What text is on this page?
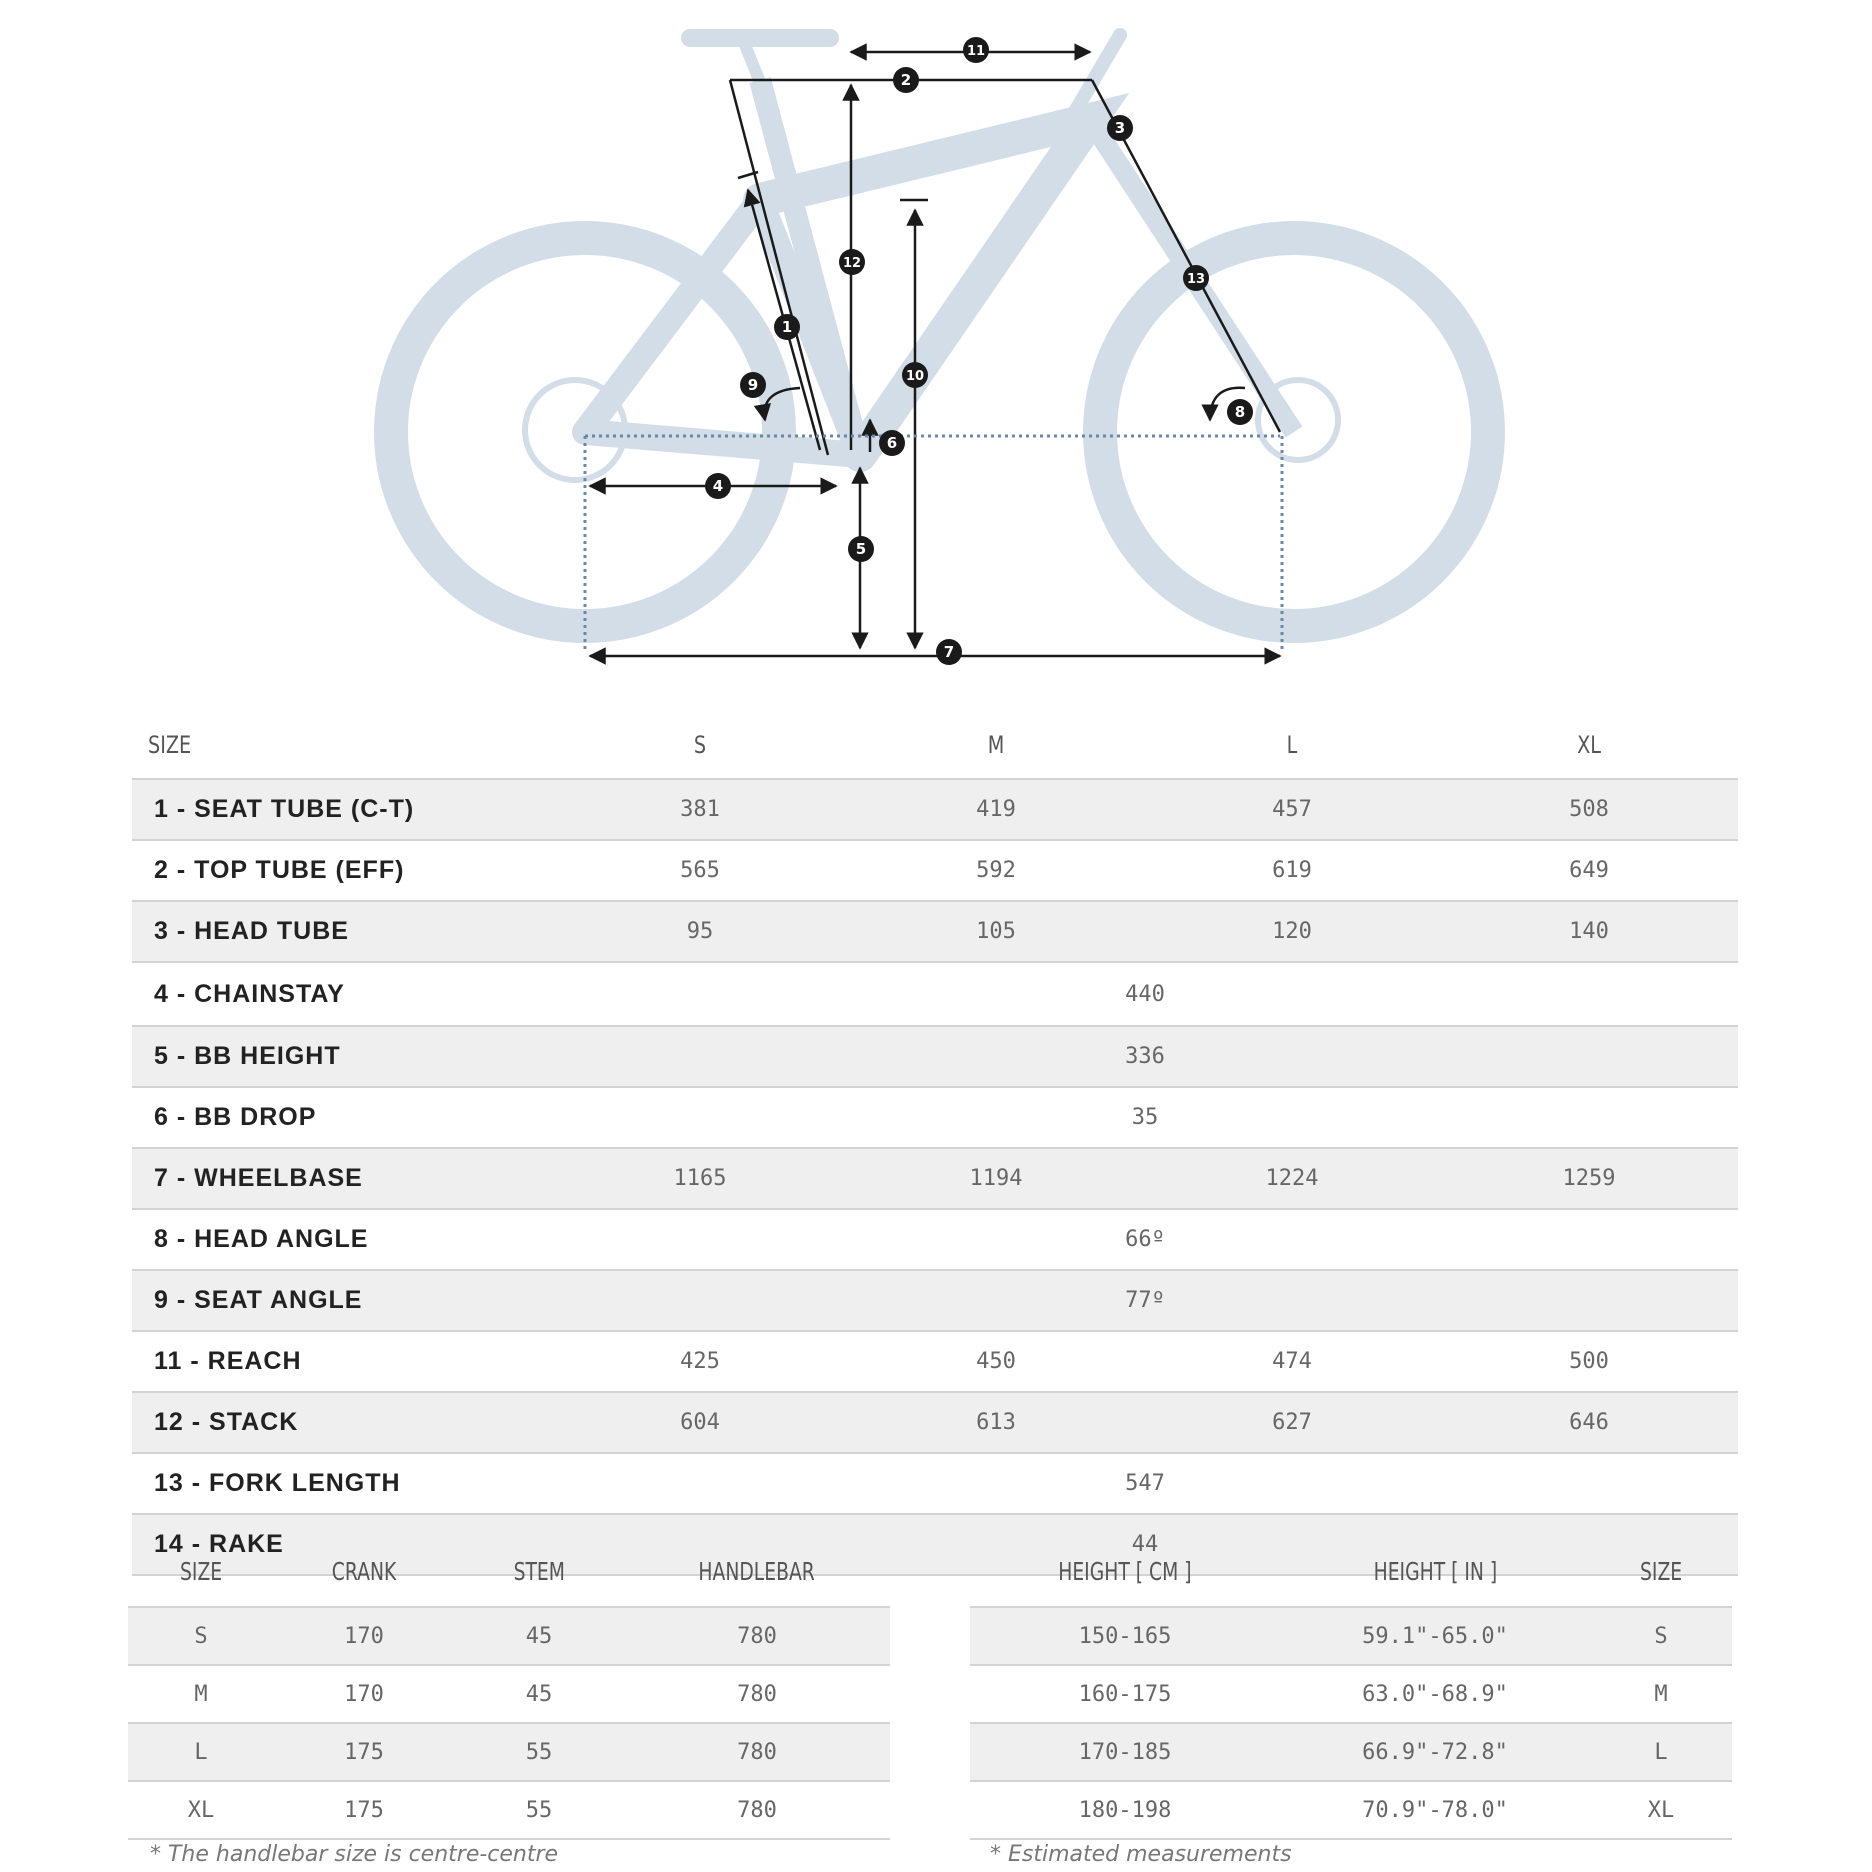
1
2
3
4
5
6
7
8
9	10
11
12
13
SIZE	S	M	L	XL
1 - SEAT TUBE (C-T)	381	419	457	508
2 - TOP TUBE (EFF)	565	592	619	649
3 - HEAD TUBE	95	105	120	140
4 - CHAINSTAY	440			
5 - BB HEIGHT	336			
6 - BB DROP	35			
7 - WHEELBASE	1165	1194	1224	1259
8 - HEAD ANGLE	66º			
9 - SEAT ANGLE	77º			
11 - REACH	425	450	474	500
12 - STACK	604	613	627	646
13 - FORK LENGTH	547			
14 - RAKE	44			
SIZE	CRANK	STEM	HANDLEBAR
S	170	45	780
M	170	45	780
L	175	55	780
XL	175	55	780
HEIGHT [ CM ]	HEIGHT [ IN ]	SIZE
150-165	59.1"-65.0"	S
160-175	63.0"-68.9"	M
170-185	66.9"-72.8"	L
180-198	70.9"-78.0"	XL
* The handlebar size is centre-centre	* Estimated measurements
